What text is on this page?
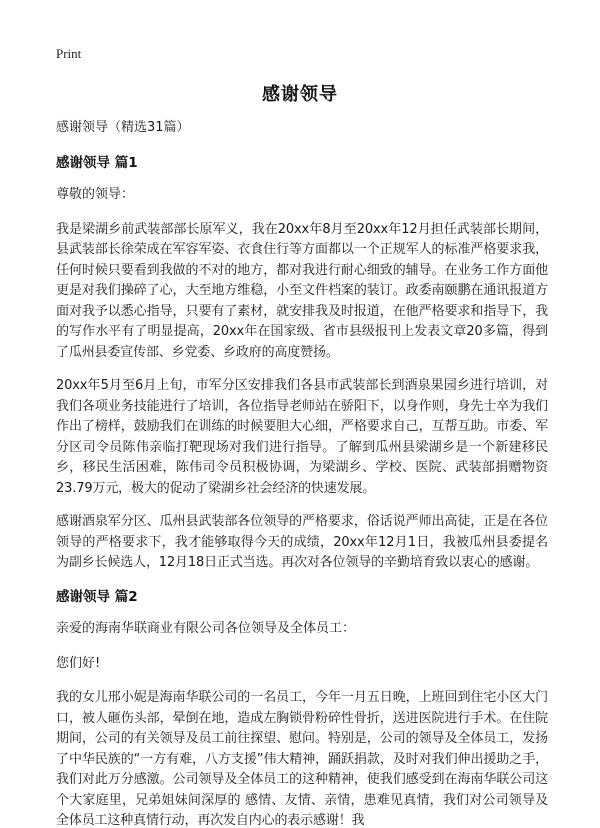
Print
感谢领导

感谢领导（精选31篇）

感谢领导 篇1

尊敬的领导：

我是梁湖乡前武装部部长原军义，我在20xx年8月至20xx年12月担任武装部长期间，县武装部长徐荣成在军容军姿、衣食住行等方面都以一个正规军人的标准严格要求我，任何时候只要看到我做的不对的地方，都对我进行耐心细致的辅导。在业务工作方面他更是对我们操碎了心，大至地方维稳，小至文件档案的装订。政委南颐鹏在通讯报道方面对我予以悉心指导，只要有了素材，就安排我及时报道，在他严格要求和指导下，我的写作水平有了明显提高，20xx年在国家级、省市县级报刊上发表文章20多篇，得到了瓜州县委宣传部、乡党委、乡政府的高度赞扬。

20xx年5月至6月上旬，市军分区安排我们各县市武装部长到酒泉果园乡进行培训，对我们各项业务技能进行了培训，各位指导老师站在骄阳下，以身作则，身先士卒为我们作出了榜样，鼓励我们在训练的时候要胆大心细，严格要求自己，互帮互助。市委、军分区司令员陈伟亲临打靶现场对我们进行指导。了解到瓜州县梁湖乡是一个新建移民乡，移民生活困难，陈伟司令员积极协调，为梁湖乡、学校、医院、武装部捐赠物资23.79万元，极大的促动了梁湖乡社会经济的快速发展。

感谢酒泉军分区、瓜州县武装部各位领导的严格要求，俗话说严师出高徒，正是在各位领导的严格要求下，我才能够取得今天的成绩，20xx年12月1日，我被瓜州县委提名为副乡长候选人，12月18日正式当选。再次对各位领导的辛勤培育致以衷心的感谢。

感谢领导 篇2

亲爱的海南华联商业有限公司各位领导及全体员工：

您们好!

我的女儿邢小妮是海南华联公司的一名员工，今年一月五日晚，上班回到住宅小区大门口，被人砸伤头部，晕倒在地，造成左胸锁骨粉碎性骨折，送进医院进行手术。在住院期间，公司的有关领导及员工前往探望、慰问。特别是，公司的领导及全体员工，发扬了中华民族的“一方有难，八方支援”伟大精神，踊跃捐款，及时对我们伸出援助之手，我们对此万分感激。公司领导及全体员工的这种精神，使我们感受到在海南华联公司这个大家庭里，兄弟姐妹间深厚的 感情、友情、亲情，患难见真情，我们对公司领导及全体员工这种真情行动，再次发自内心的表示感谢！我
